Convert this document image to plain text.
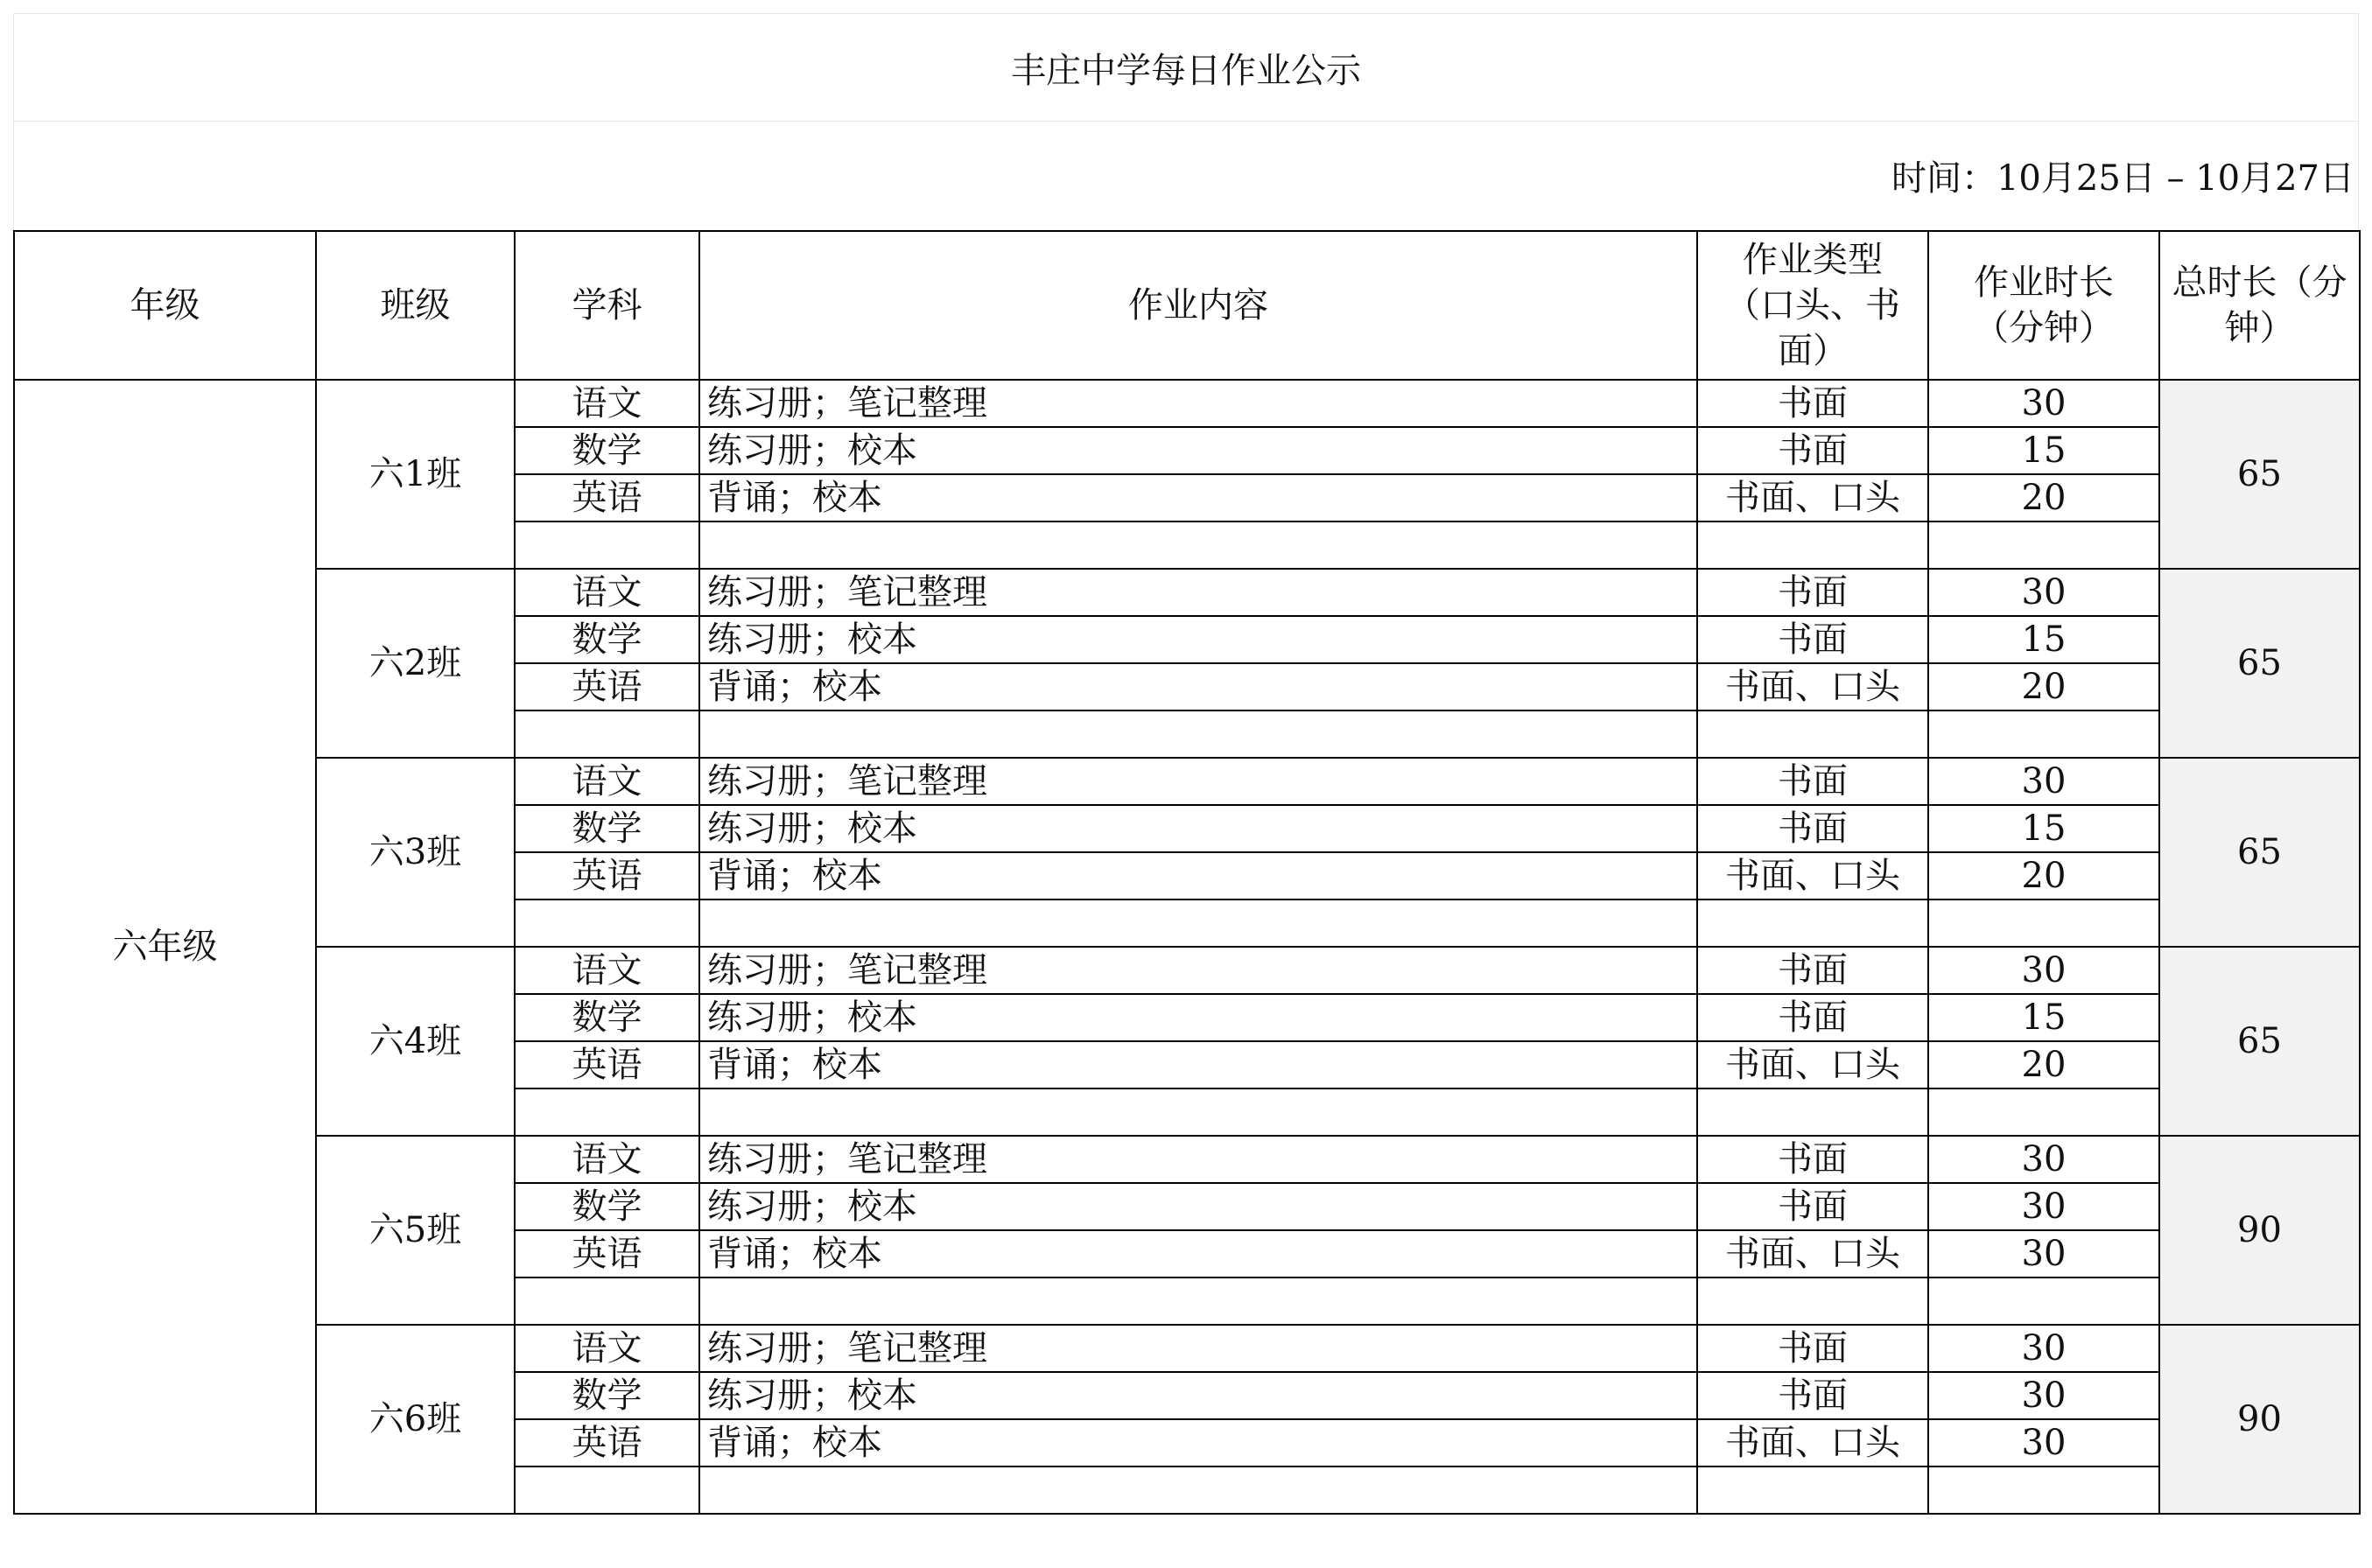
丰庄中学每日作业公示
时间：10月25日 – 10月27日
年级	班级	学科	作业内容	作业类型（口头、书面）	作业时长（分钟）	总时长（分钟）
六年级	六1班	语文	练习册；笔记整理	书面	30	65
		数学	练习册；校本	书面	15	
		英语	背诵；校本	书面、口头	20	

	六2班	语文	练习册；笔记整理	书面	30	65
		数学	练习册；校本	书面	15	
		英语	背诵；校本	书面、口头	20	

	六3班	语文	练习册；笔记整理	书面	30	65
		数学	练习册；校本	书面	15	
		英语	背诵；校本	书面、口头	20	

	六4班	语文	练习册；笔记整理	书面	30	65
		数学	练习册；校本	书面	15	
		英语	背诵；校本	书面、口头	20	

	六5班	语文	练习册；笔记整理	书面	30	90
		数学	练习册；校本	书面	30	
		英语	背诵；校本	书面、口头	30	

	六6班	语文	练习册；笔记整理	书面	30	90
		数学	练习册；校本	书面	30	
		英语	背诵；校本	书面、口头	30	
